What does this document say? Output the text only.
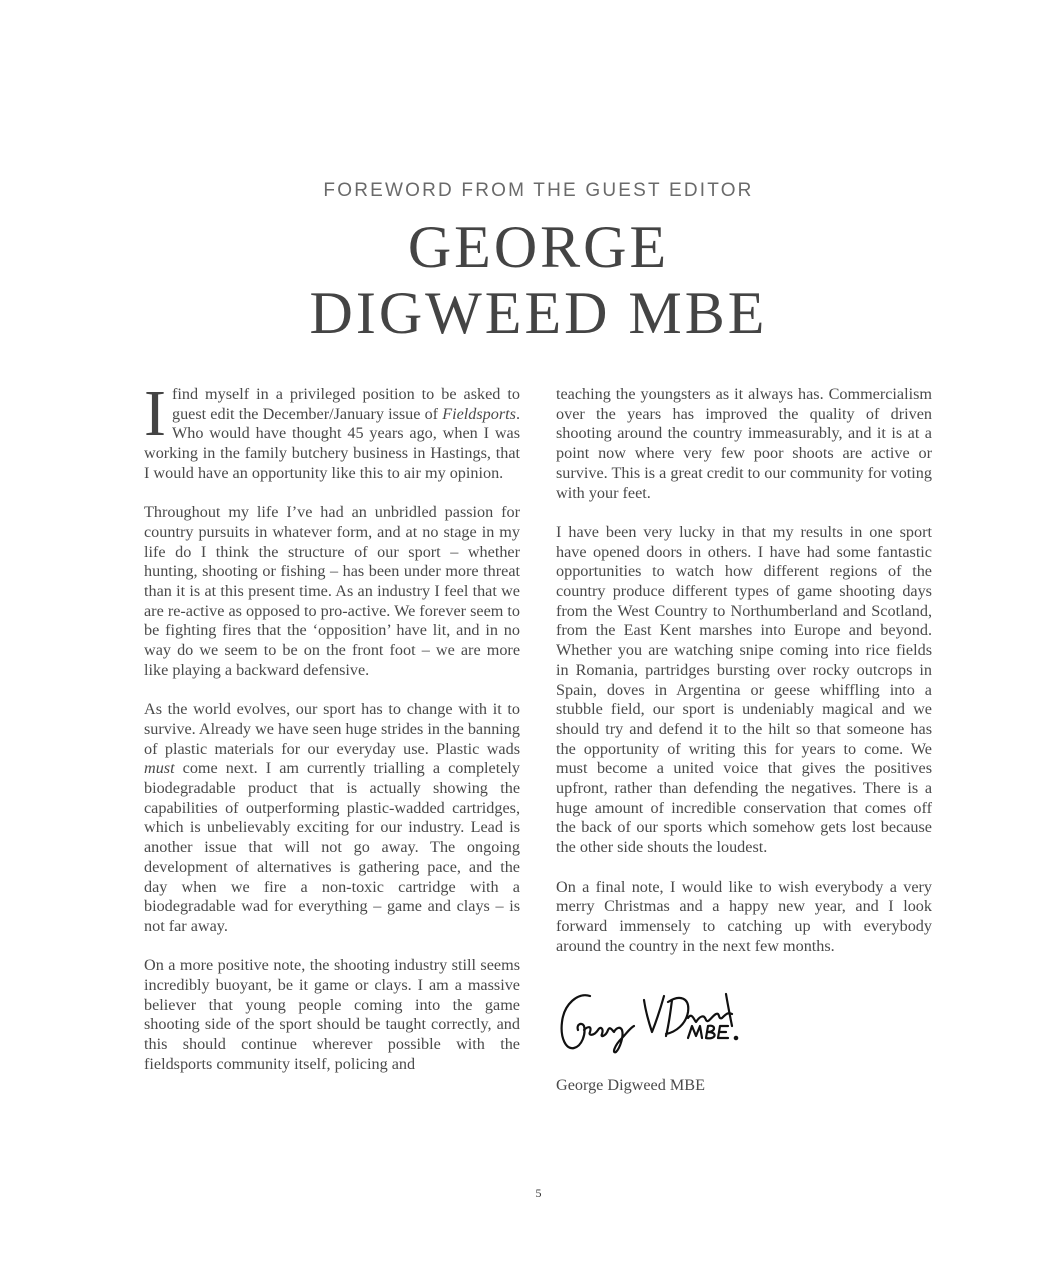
FOREWORD FROM THE GUEST EDITOR
GEORGE
DIGWEED MBE

Ifind myself in a privileged position to be asked to guest edit the December/January issue of Fieldsports. Who would have thought 45 years ago, when I was working in the family butchery business in Hastings, that I would have an opportunity like this to air my opinion.

Throughout my life I’ve had an unbridled passion for country pursuits in whatever form, and at no stage in my life do I think the structure of our sport – whether hunting, shooting or fishing – has been under more threat than it is at this present time. As an industry I feel that we are re-active as opposed to pro-active. We forever seem to be fighting fires that the ‘opposition’ have lit, and in no way do we seem to be on the front foot – we are more like playing a backward defensive.

As the world evolves, our sport has to change with it to survive. Already we have seen huge strides in the banning of plastic materials for our everyday use. Plastic wads must come next. I am currently trialling a completely biodegradable product that is actually showing the capabilities of outperforming plastic-wadded cartridges, which is unbelievably exciting for our industry. Lead is another issue that will not go away. The ongoing development of alternatives is gathering pace, and the day when we fire a non-toxic cartridge with a biodegradable wad for everything – game and clays – is not far away.

On a more positive note, the shooting industry still seems incredibly buoyant, be it game or clays. I am a massive believer that young people coming into the game shooting side of the sport should be taught correctly, and this should continue wherever possible with the fieldsports community itself, policing and

teaching the youngsters as it always has. Commercialism over the years has improved the quality of driven shooting around the country immeasurably, and it is at a point now where very few poor shoots are active or survive. This is a great credit to our community for voting with your feet.

I have been very lucky in that my results in one sport have opened doors in others. I have had some fantastic opportunities to watch how different regions of the country produce different types of game shooting days from the West Country to Northumberland and Scotland, from the East Kent marshes into Europe and beyond. Whether you are watching snipe coming into rice fields in Romania, partridges bursting over rocky outcrops in Spain, doves in Argentina or geese whiffling into a stubble field, our sport is undeniably magical and we should try and defend it to the hilt so that someone has the opportunity of writing this for years to come. We must become a united voice that gives the positives upfront, rather than defending the negatives. There is a huge amount of incredible conservation that comes off the back of our sports which somehow gets lost because the other side shouts the loudest.

On a final note, I would like to wish everybody a very merry Christmas and a happy new year, and I look forward immensely to catching up with everybody around the country in the next few months.

George V Digweed MBE.
George Digweed MBE
5
